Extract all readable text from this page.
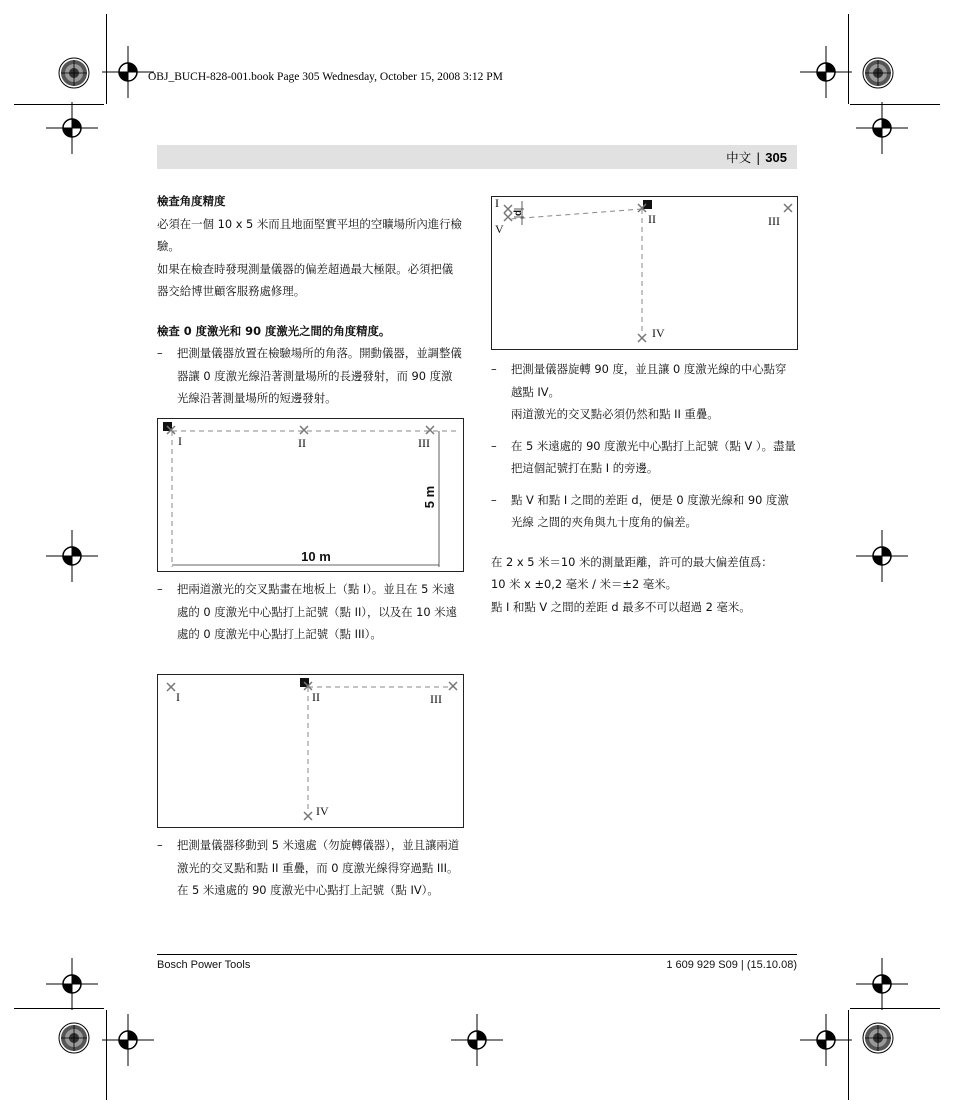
OBJ_BUCH-828-001.book Page 305 Wednesday, October 15, 2008 3:12 PM
中文 | 305

檢查角度精度

必須在一個 10 x 5 米而且地面堅實平坦的空曠場所內進行檢驗。

如果在檢查時發現測量儀器的偏差超過最大極限。必須把儀器交給博世顧客服務處修理。

檢查 0 度激光和 90 度激光之間的角度精度。

–	把測量儀器放置在檢驗場所的角落。開動儀器，並調整儀器讓 0 度激光線沿著測量場所的長邊發射，而 90 度激光線沿著測量場所的短邊發射。
–	把兩道激光的交叉點畫在地板上（點 I）。並且在 5 米遠處的 0 度激光中心點打上記號（點 II），以及在 10 米遠處的 0 度激光中心點打上記號（點 III）。
–	把測量儀器移動到 5 米遠處（勿旋轉儀器），並且讓兩道激光的交叉點和點 II 重疊，而 0 度激光線得穿過點 III。
在 5 米遠處的 90 度激光中心點打上記號（點 IV）。
I	II	III
5 m
10 m
I	II	III
IV
d
I
II	III
IV
V
–	把測量儀器旋轉 90 度，並且讓 0 度激光線的中心點穿越點 IV。
兩道激光的交叉點必須仍然和點 II 重疊。
–	在 5 米遠處的 90 度激光中心點打上記號（點 V ）。盡量把這個記號打在點 I 的旁邊。
–	點 V 和點 I 之間的差距 d，便是 0 度激光線和 90 度激光線 之間的夾角與九十度角的偏差。

在 2 x 5 米＝10 米的測量距離，許可的最大偏差值爲：

10 米 x ±0,2 毫米 / 米＝±2 毫米。

點 I 和點 V 之間的差距 d 最多不可以超過 2 毫米。

Bosch Power Tools	1 609 929 S09 | (15.10.08)
